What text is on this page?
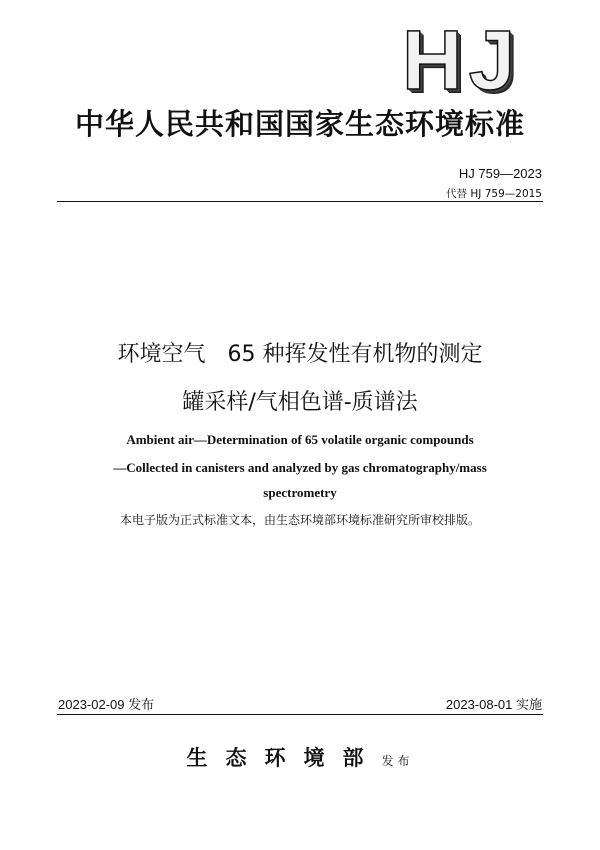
HJ
中华人民共和国国家生态环境标准
HJ 759—2023
代替 HJ 759—2015
环境空气　65 种挥发性有机物的测定
罐采样/气相色谱-质谱法
Ambient air—Determination of 65 volatile organic compounds
—Collected in canisters and analyzed by gas chromatography/mass
spectrometry
本电子版为正式标准文本，由生态环境部环境标准研究所审校排版。
2023-02-09 发布	2023-08-01 实施
生态环境部发布
